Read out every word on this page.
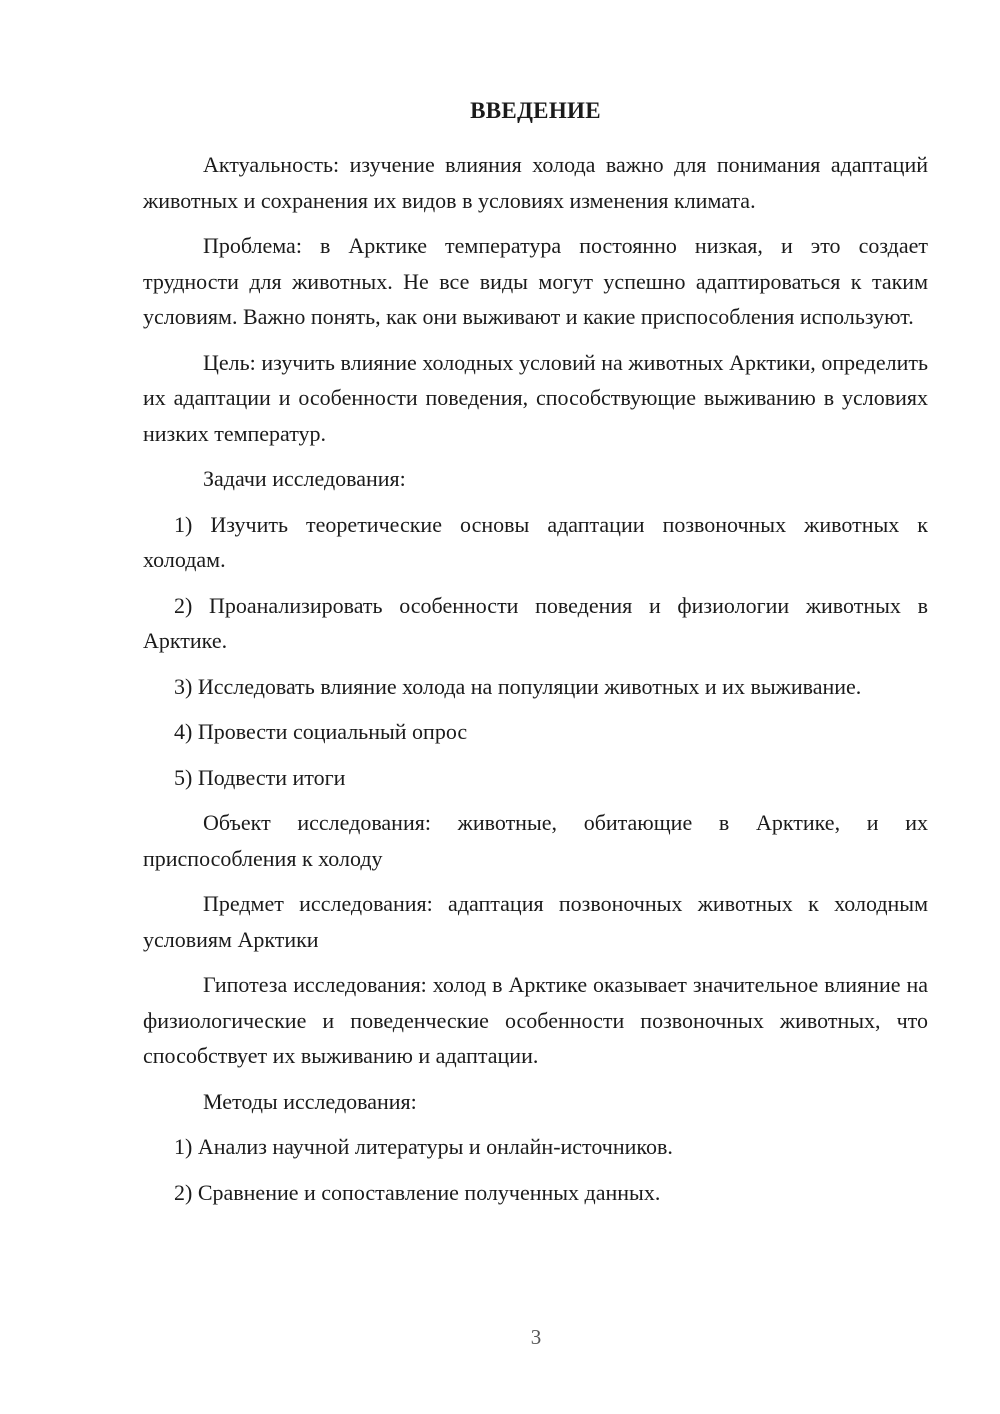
ВВЕДЕНИЕ

Актуальность: изучение влияния холода важно для понимания адаптаций животных и сохранения их видов в условиях изменения климата.

Проблема: в Арктике температура постоянно низкая, и это создает трудности для животных. Не все виды могут успешно адаптироваться к таким условиям. Важно понять, как они выживают и какие приспособления используют.

Цель: изучить влияние холодных условий на животных Арктики, определить их адаптации и особенности поведения, способствующие выживанию в условиях низких температур.

Задачи исследования:

1) Изучить теоретические основы адаптации позвоночных животных к холодам.

2) Проанализировать особенности поведения и физиологии животных в Арктике.

3) Исследовать влияние холода на популяции животных и их выживание.

4) Провести социальный опрос

5) Подвести итоги

Объект исследования: животные, обитающие в Арктике, и их приспособления к холоду

Предмет исследования: адаптация позвоночных животных к холодным условиям Арктики

Гипотеза исследования: холод в Арктике оказывает значительное влияние на физиологические и поведенческие особенности позвоночных животных, что способствует их выживанию и адаптации.

Методы исследования:

1) Анализ научной литературы и онлайн-источников.

2) Сравнение и сопоставление полученных данных.

3
